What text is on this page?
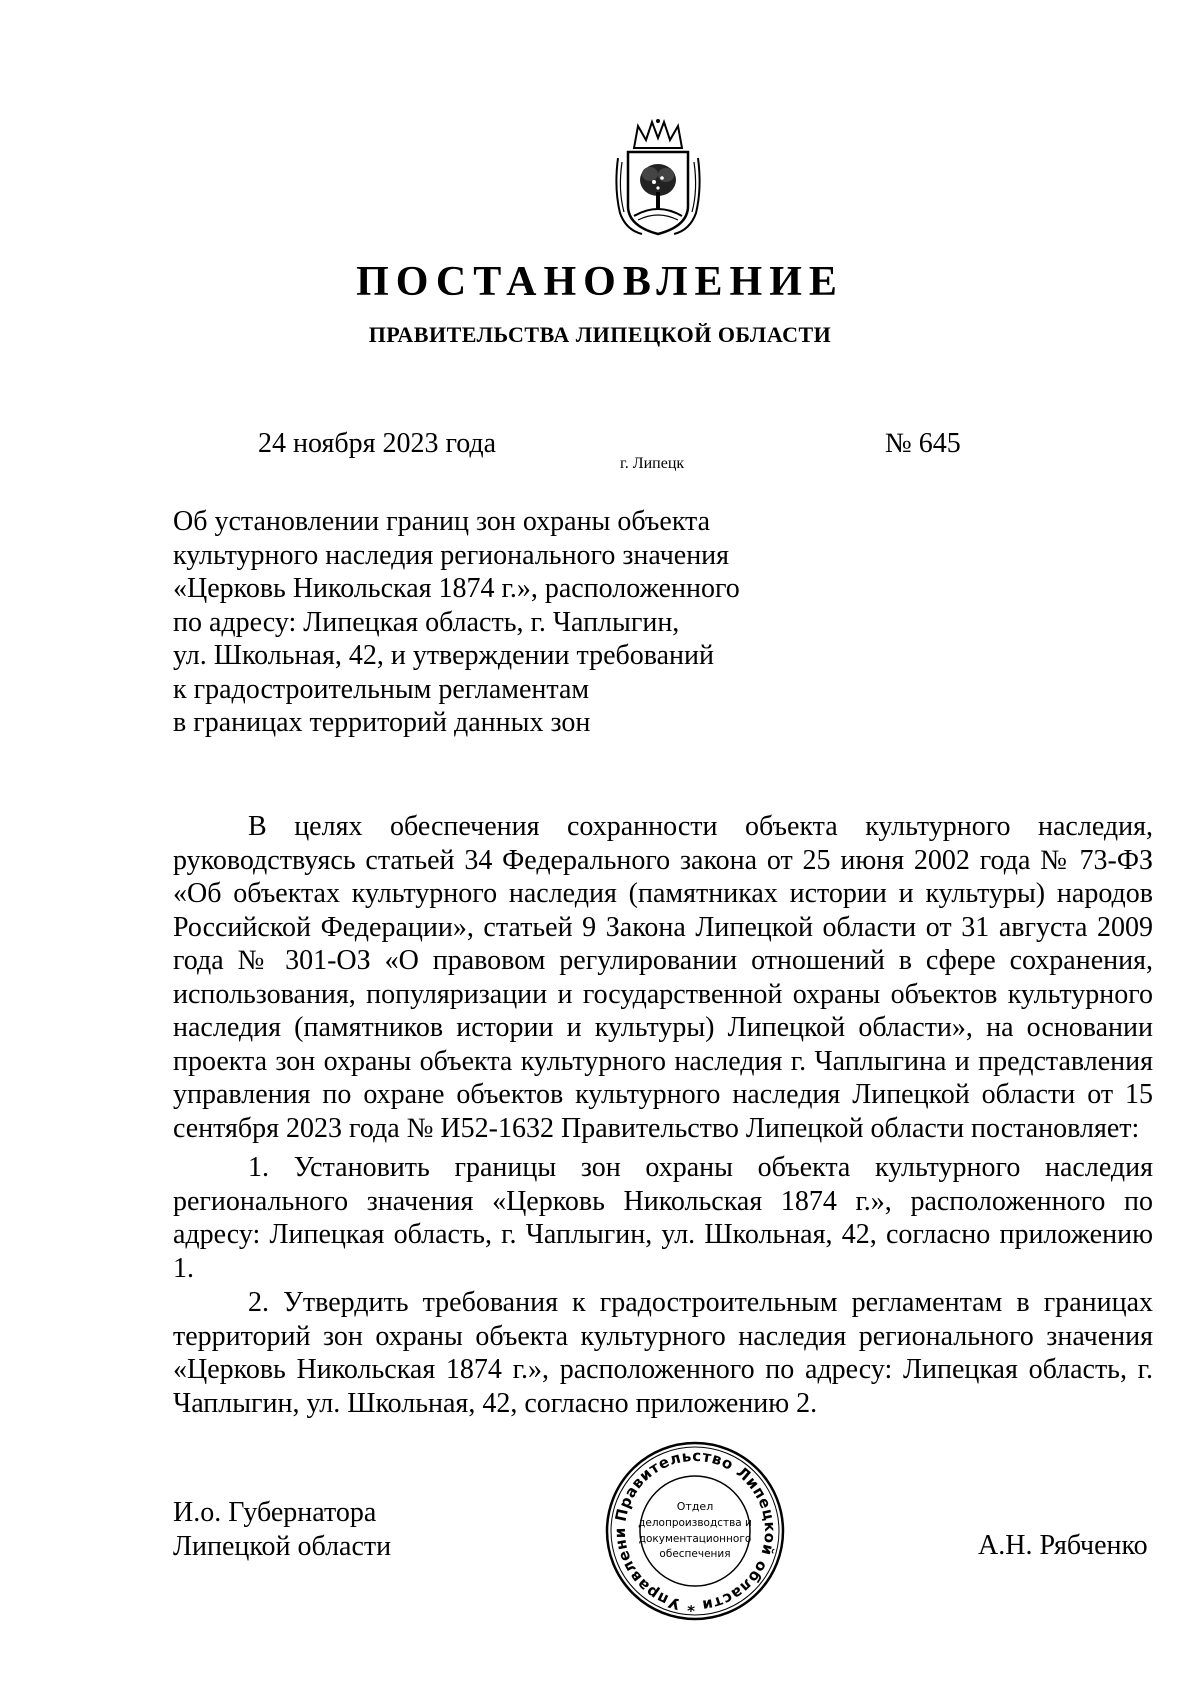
ПОСТАНОВЛЕНИЕ
ПРАВИТЕЛЬСТВА ЛИПЕЦКОЙ ОБЛАСТИ
24 ноября 2023 года
г. Липецк
№ 645
Об установлении границ зон охраны объекта
культурного наследия регионального значения
«Церковь Никольская 1874 г.», расположенного
по адресу: Липецкая область, г. Чаплыгин,
ул. Школьная, 42, и утверждении требований
к градостроительным регламентам
в границах территорий данных зон

В целях обеспечения сохранности объекта культурного наследия, руководствуясь статьей 34 Федерального закона от 25 июня 2002 года № 73-ФЗ «Об объектах культурного наследия (памятниках истории и культуры) народов Российской Федерации», статьей 9 Закона Липецкой области от 31 августа 2009 года № 301-ОЗ «О правовом регулировании отношений в сфере сохранения, использования, популяризации и государственной охраны объектов культурного наследия (памятников истории и культуры) Липецкой области», на основании проекта зон охраны объекта культурного наследия г. Чаплыгина и представления управления по охране объектов культурного наследия Липецкой области от 15 сентября 2023 года № И52-1632 Правительство Липецкой области постановляет:

1. Установить границы зон охраны объекта культурного наследия регионального значения «Церковь Никольская 1874 г.», расположенного по адресу: Липецкая область, г. Чаплыгин, ул. Школьная, 42, согласно приложению 1.

2. Утвердить требования к градостроительным регламентам в границах территорий зон охраны объекта культурного наследия регионального значения «Церковь Никольская 1874 г.», расположенного по адресу: Липецкая область, г. Чаплыгин, ул. Школьная, 42, согласно приложению 2.

И.о. Губернатора
Липецкой области	А.Н. Рябченко
Правительство Липецкой области * Управлени
Отдел
делопроизводства и
документационного
обеспечения
